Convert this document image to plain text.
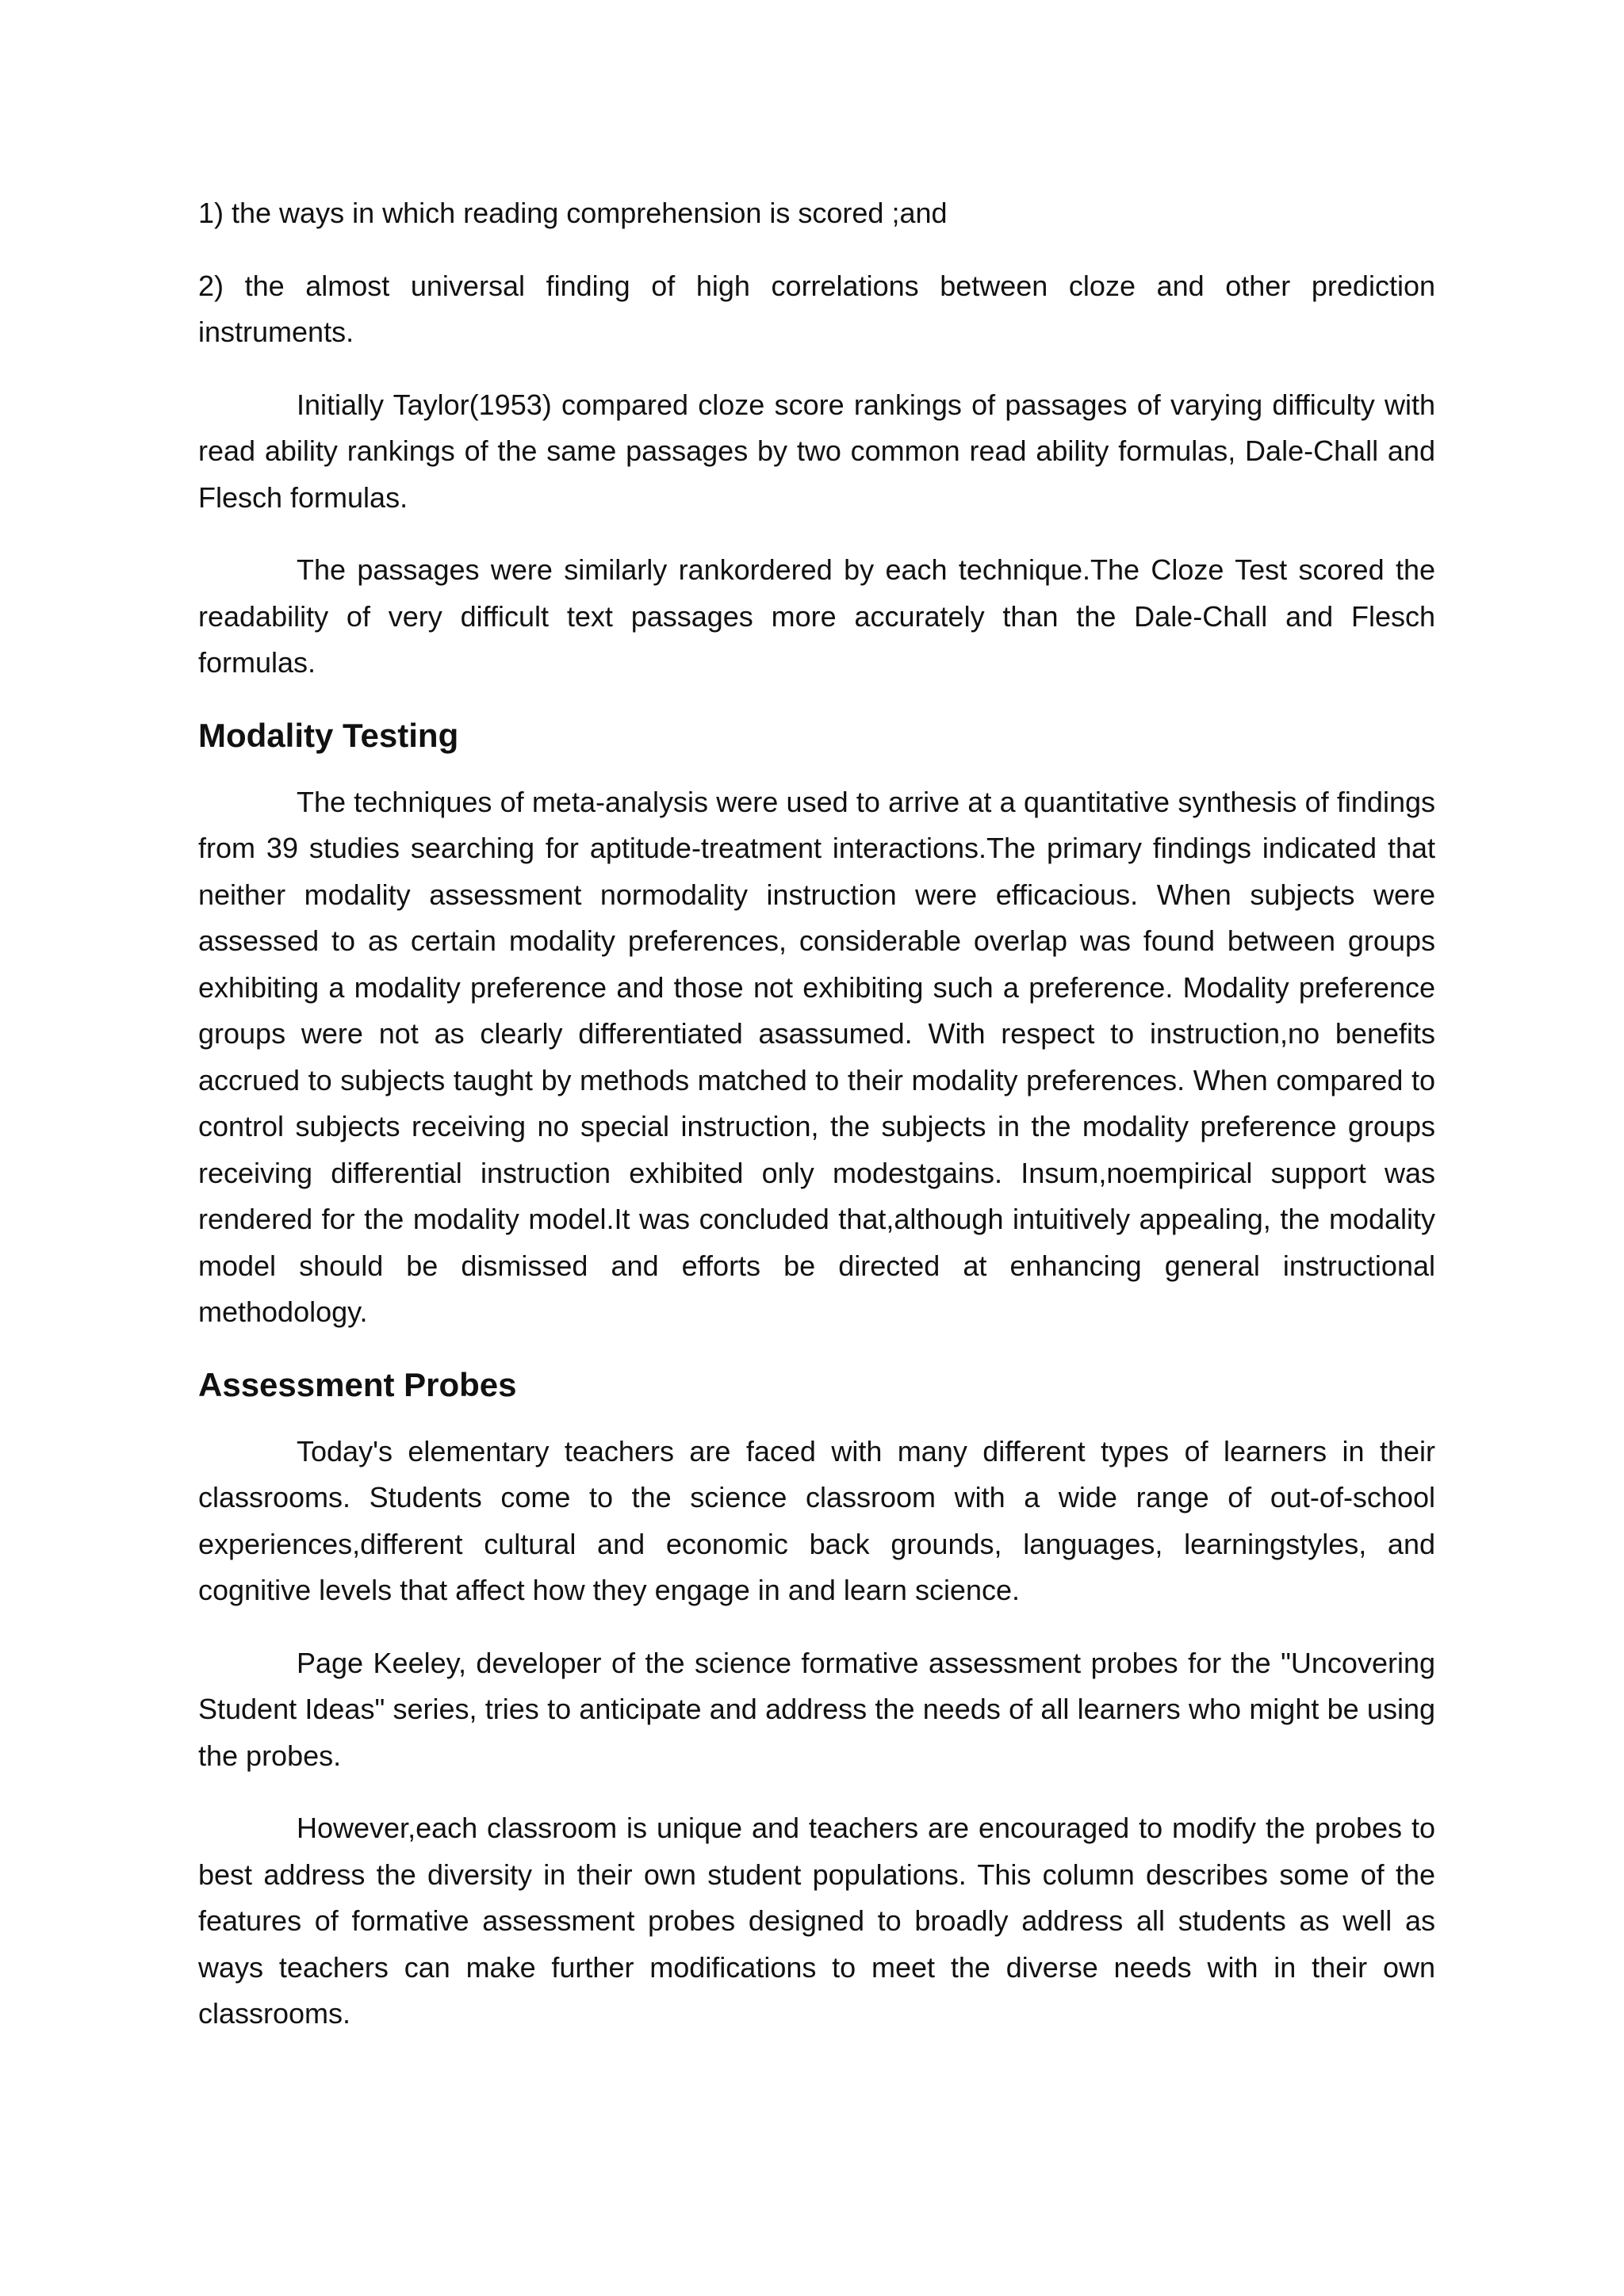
1) the ways in which reading comprehension is scored ;and

2) the almost universal finding of high correlations between cloze and other prediction instruments.

Initially Taylor(1953) compared cloze score rankings of passages of varying difficulty with read ability rankings of the same passages by two common read ability formulas, Dale-Chall and Flesch formulas.

The passages were similarly rankordered by each technique.The Cloze Test scored the readability of very difficult text passages more accurately than the Dale-Chall and Flesch formulas.

Modality Testing

The techniques of meta-analysis were used to arrive at a quantitative synthesis of findings from 39 studies searching for aptitude-treatment interactions.The primary findings indicated that neither modality assessment normodality instruction were efficacious. When subjects were assessed to as certain modality preferences, considerable overlap was found between groups exhibiting a modality preference and those not exhibiting such a preference. Modality preference groups were not as clearly differentiated asassumed. With respect to instruction,no benefits accrued to subjects taught by methods matched to their modality preferences. When compared to control subjects receiving no special instruction, the subjects in the modality preference groups receiving differential instruction exhibited only modestgains. Insum,noempirical support was rendered for the modality model.It was concluded that,although intuitively appealing, the modality model should be dismissed and efforts be directed at enhancing general instructional methodology.

Assessment Probes

Today's elementary teachers are faced with many different types of learners in their classrooms. Students come to the science classroom with a wide range of out-of-school experiences,different cultural and economic back grounds, languages, learningstyles, and cognitive levels that affect how they engage in and learn science.

Page Keeley, developer of the science formative assessment probes for the "Uncovering Student Ideas" series, tries to anticipate and address the needs of all learners who might be using the probes.

However,each classroom is unique and teachers are encouraged to modify the probes to best address the diversity in their own student populations. This column describes some of the features of formative assessment probes designed to broadly address all students as well as ways teachers can make further modifications to meet the diverse needs with in their own classrooms.
